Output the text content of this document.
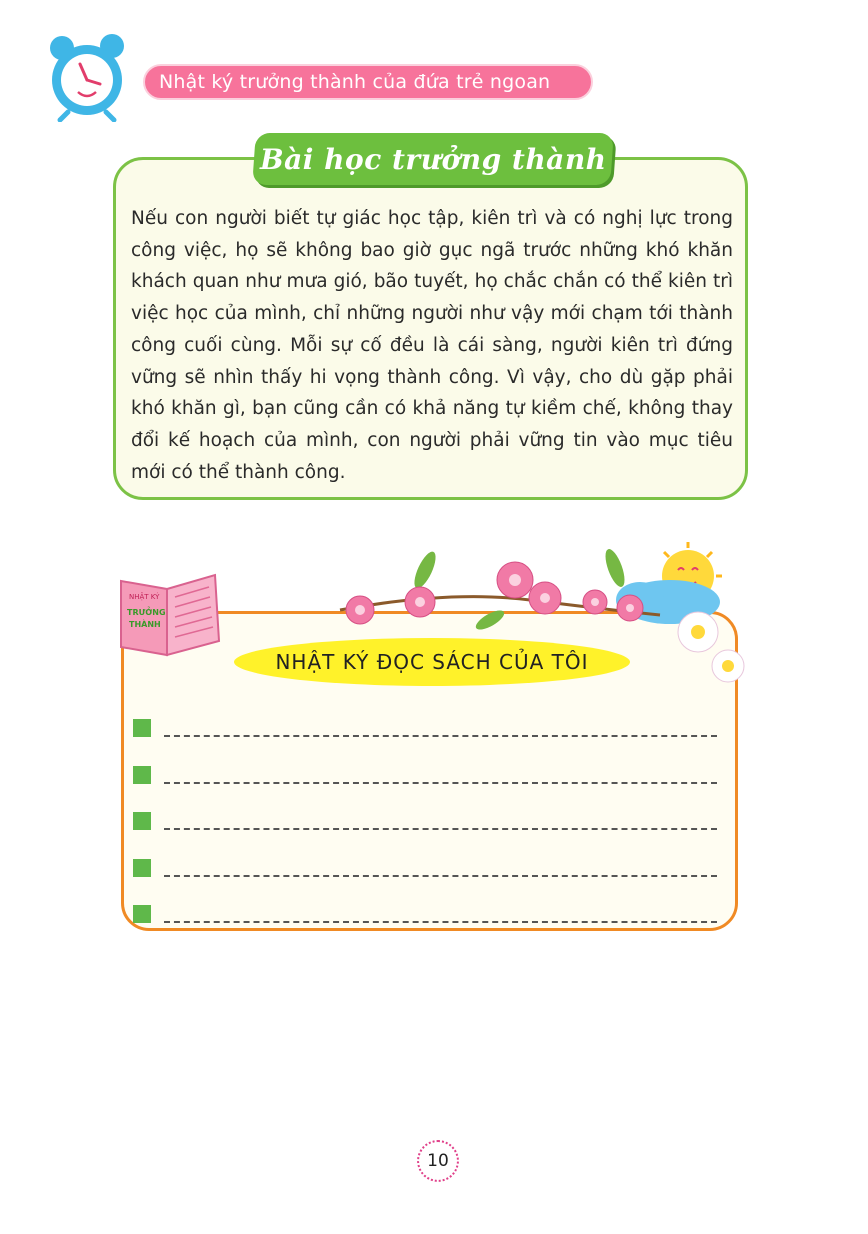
Nhật ký trưởng thành của đứa trẻ ngoan
Bài học trưởng thành

Nếu con người biết tự giác học tập, kiên trì và có nghị lực trong công việc, họ sẽ không bao giờ gục ngã trước những khó khăn khách quan như mưa gió, bão tuyết, họ chắc chắn có thể kiên trì việc học của mình, chỉ những người như vậy mới chạm tới thành công cuối cùng. Mỗi sự cố đều là cái sàng, người kiên trì đứng vững sẽ nhìn thấy hi vọng thành công. Vì vậy, cho dù gặp phải khó khăn gì, bạn cũng cần có khả năng tự kiềm chế, không thay đổi kế hoạch của mình, con người phải vững tin vào mục tiêu mới có thể thành công.

NHẬT KÝ
TRƯỞNG
THÀNH
NHẬT KÝ ĐỌC SÁCH CỦA TÔI
10
